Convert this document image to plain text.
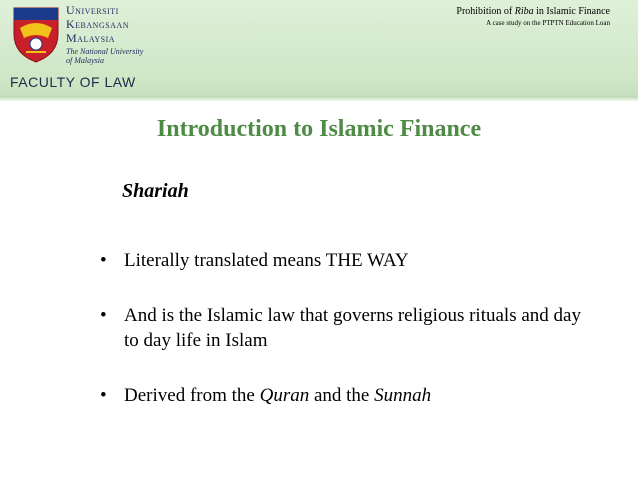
Universiti
Kebangsaan
Malaysia
The National University
of Malaysia
FACULTY OF LAW
Prohibition of Riba in Islamic Finance
A case study on the PTPTN Education Loan
Introduction to Islamic Finance
Shariah
• Literally translated means THE WAY
• And is the Islamic law that governs religious rituals and day to day life in Islam
• Derived from the Quran and the Sunnah
